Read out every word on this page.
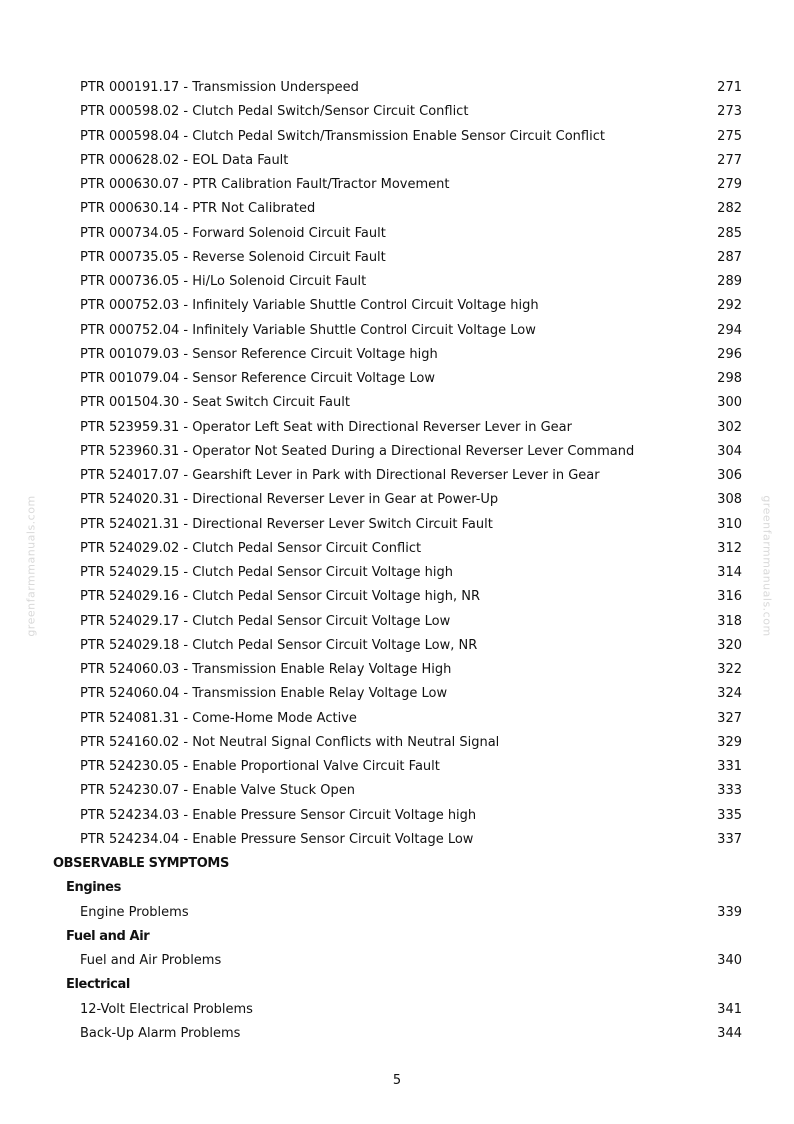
PTR 000191.17 - Transmission Underspeed	271
PTR 000598.02 - Clutch Pedal Switch/Sensor Circuit Conflict	273
PTR 000598.04 - Clutch Pedal Switch/Transmission Enable Sensor Circuit Conflict	275
PTR 000628.02 - EOL Data Fault	277
PTR 000630.07 - PTR Calibration Fault/Tractor Movement	279
PTR 000630.14 - PTR Not Calibrated	282
PTR 000734.05 - Forward Solenoid Circuit Fault	285
PTR 000735.05 - Reverse Solenoid Circuit Fault	287
PTR 000736.05 - Hi/Lo Solenoid Circuit Fault	289
PTR 000752.03 - Infinitely Variable Shuttle Control Circuit Voltage high	292
PTR 000752.04 - Infinitely Variable Shuttle Control Circuit Voltage Low	294
PTR 001079.03 - Sensor Reference Circuit Voltage high	296
PTR 001079.04 - Sensor Reference Circuit Voltage Low	298
PTR 001504.30 - Seat Switch Circuit Fault	300
PTR 523959.31 - Operator Left Seat with Directional Reverser Lever in Gear	302
PTR 523960.31 - Operator Not Seated During a Directional Reverser Lever Command	304
PTR 524017.07 - Gearshift Lever in Park with Directional Reverser Lever in Gear	306
PTR 524020.31 - Directional Reverser Lever in Gear at Power-Up	308
PTR 524021.31 - Directional Reverser Lever Switch Circuit Fault	310
PTR 524029.02 - Clutch Pedal Sensor Circuit Conflict	312
PTR 524029.15 - Clutch Pedal Sensor Circuit Voltage high	314
PTR 524029.16 - Clutch Pedal Sensor Circuit Voltage high, NR	316
PTR 524029.17 - Clutch Pedal Sensor Circuit Voltage Low	318
PTR 524029.18 - Clutch Pedal Sensor Circuit Voltage Low, NR	320
PTR 524060.03 - Transmission Enable Relay Voltage High	322
PTR 524060.04 - Transmission Enable Relay Voltage Low	324
PTR 524081.31 - Come-Home Mode Active	327
PTR 524160.02 - Not Neutral Signal Conflicts with Neutral Signal	329
PTR 524230.05 - Enable Proportional Valve Circuit Fault	331
PTR 524230.07 - Enable Valve Stuck Open	333
PTR 524234.03 - Enable Pressure Sensor Circuit Voltage high	335
PTR 524234.04 - Enable Pressure Sensor Circuit Voltage Low	337
OBSERVABLE SYMPTOMS
Engines
Engine Problems	339
Fuel and Air
Fuel and Air Problems	340
Electrical
12-Volt Electrical Problems	341
Back-Up Alarm Problems	344
greenfarmmanuals.com	greenfarmmanuals.com
5
